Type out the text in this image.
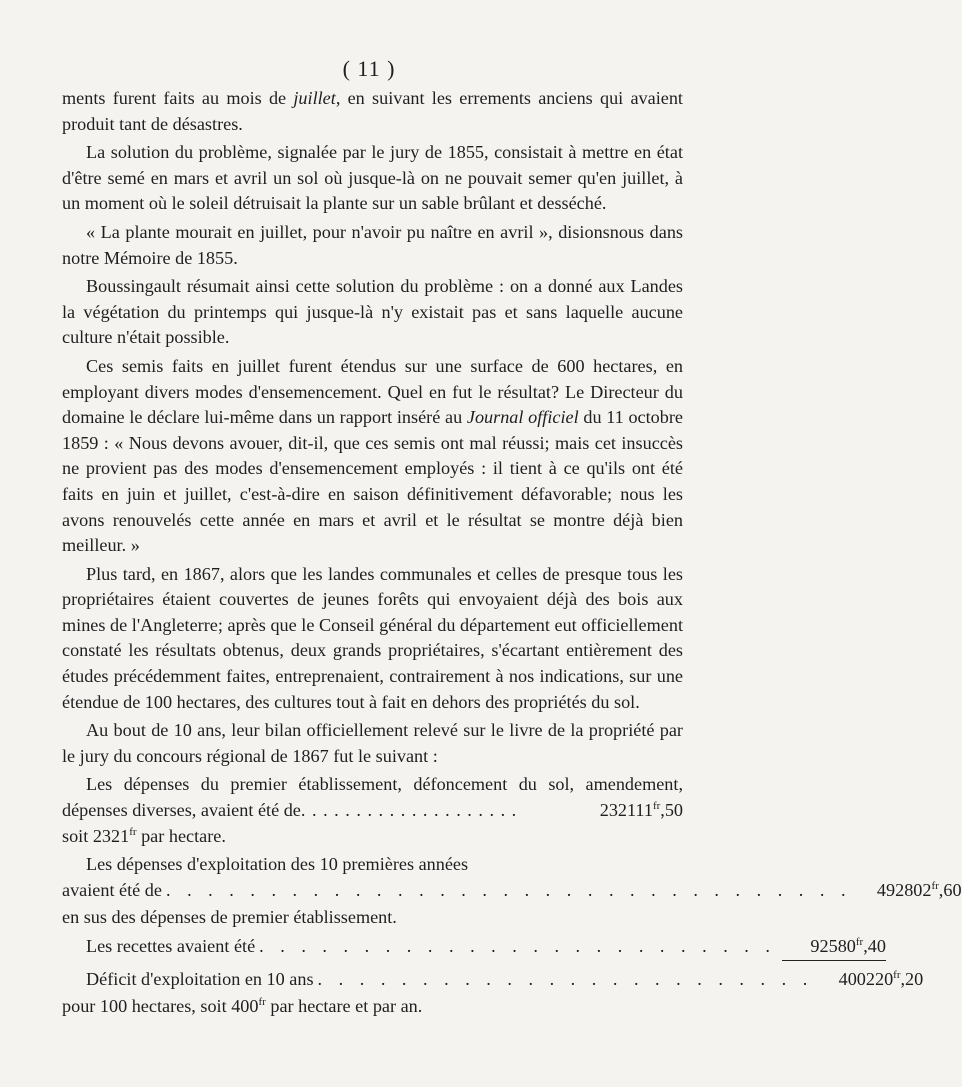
( 11 )

ments furent faits au mois de juillet, en suivant les errements anciens qui avaient produit tant de désastres.

La solution du problème, signalée par le jury de 1855, consistait à mettre en état d'être semé en mars et avril un sol où jusque-là on ne pouvait semer qu'en juillet, à un moment où le soleil détruisait la plante sur un sable brûlant et desséché.

« La plante mourait en juillet, pour n'avoir pu naître en avril », disionsnous dans notre Mémoire de 1855.

Boussingault résumait ainsi cette solution du problème : on a donné aux Landes la végétation du printemps qui jusque-là n'y existait pas et sans laquelle aucune culture n'était possible.

Ces semis faits en juillet furent étendus sur une surface de 600 hectares, en employant divers modes d'ensemencement. Quel en fut le résultat? Le Directeur du domaine le déclare lui-même dans un rapport inséré au Journal officiel du 11 octobre 1859 : « Nous devons avouer, dit-il, que ces semis ont mal réussi; mais cet insuccès ne provient pas des modes d'ensemencement employés : il tient à ce qu'ils ont été faits en juin et juillet, c'est-à-dire en saison définitivement défavorable; nous les avons renouvelés cette année en mars et avril et le résultat se montre déjà bien meilleur. »

Plus tard, en 1867, alors que les landes communales et celles de presque tous les propriétaires étaient couvertes de jeunes forêts qui envoyaient déjà des bois aux mines de l'Angleterre; après que le Conseil général du département eut officiellement constaté les résultats obtenus, deux grands propriétaires, s'écartant entièrement des études précédemment faites, entreprenaient, contrairement à nos indications, sur une étendue de 100 hectares, des cultures tout à fait en dehors des propriétés du sol.

Au bout de 10 ans, leur bilan officiellement relevé sur le livre de la propriété par le jury du concours régional de 1867 fut le suivant :

Les dépenses du premier établissement, défoncement du sol, amendement, dépenses diverses, avaient été de. . . . . . . . . . . . . . . . . . . .	$232111^{fr},50$

soit $2321^{fr}$ par hectare.

Les dépenses d'exploitation des 10 premières années

avaient été de . . . . . . . . . . . . . . . . . . . . . . . . . . . . . . . . .	$492802^{fr},60$

en sus des dépenses de premier établissement.

Les recettes avaient été . . . . . . . . . . . . . . . . . . . . . . . . .	$92580^{fr},40$
Déficit d'exploitation en 10 ans . . . . . . . . . . . . . . . . . . . . . . . .	$400220^{fr},20$

pour 100 hectares, soit $400^{fr}$ par hectare et par an.
